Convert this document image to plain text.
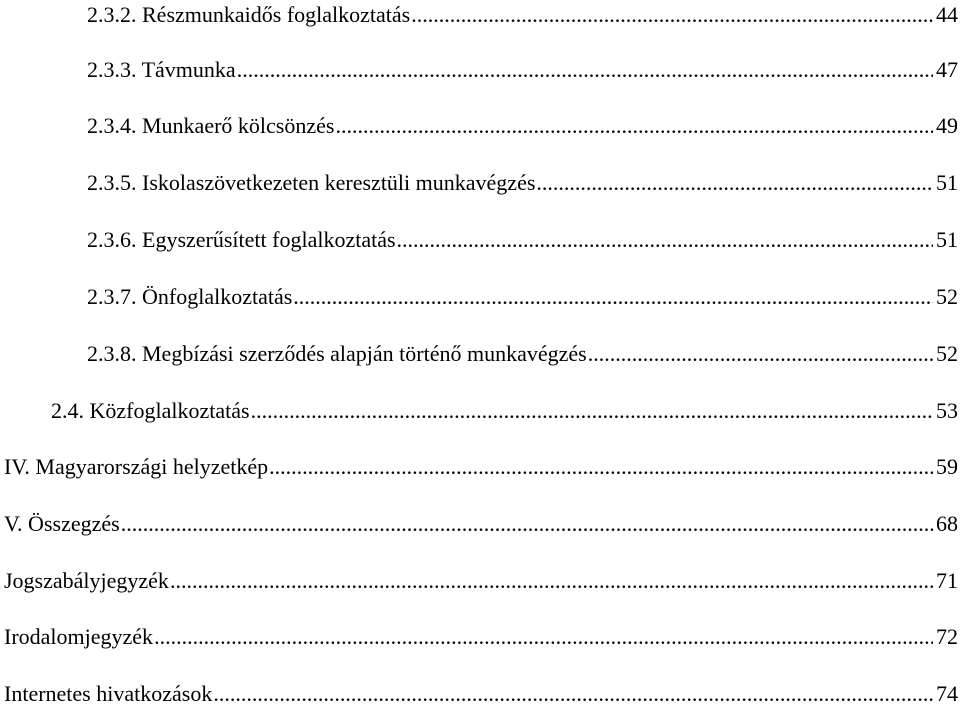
2.3.2. Részmunkaidős foglalkoztatás .....	44
2.3.3. Távmunka .....	47
2.3.4. Munkaerő kölcsönzés .....	49
2.3.5. Iskolaszövetkezeten keresztüli munkavégzés .....	51
2.3.6. Egyszerűsített foglalkoztatás .....	51
2.3.7. Önfoglalkoztatás .....	52
2.3.8. Megbízási szerződés alapján történő munkavégzés .....	52
2.4. Közfoglalkoztatás .....	53
IV. Magyarországi helyzetkép .....	59
V. Összegzés .....	68
Jogszabályjegyzék .....	71
Irodalomjegyzék .....	72
Internetes hivatkozások .....	74
